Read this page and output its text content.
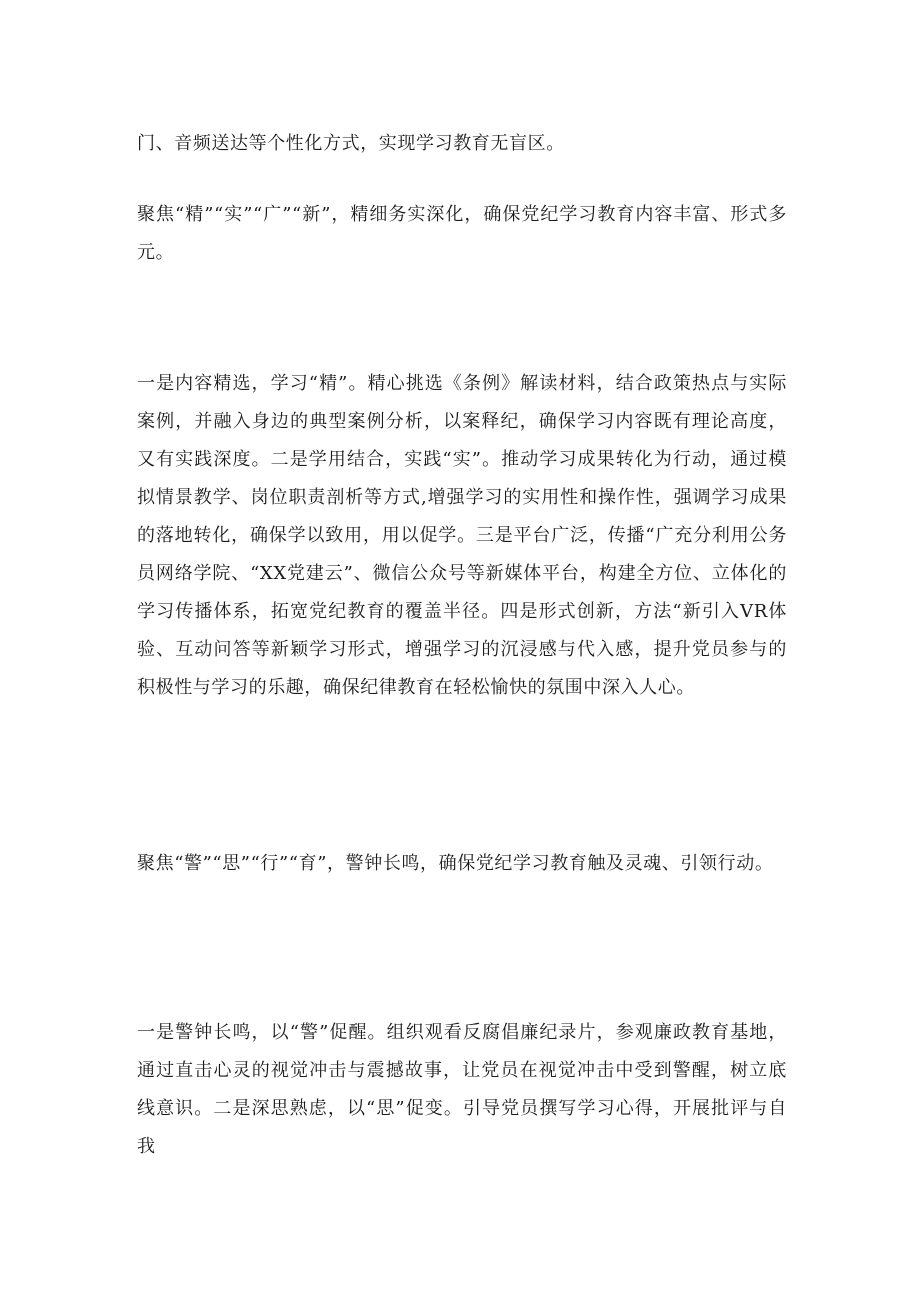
门、音频送达等个性化方式，实现学习教育无盲区。

聚焦“精”“实”“广”“新”，精细务实深化，确保党纪学习教育内容丰富、形式多元。

一是内容精选，学习“精”。精心挑选《条例》解读材料，结合政策热点与实际案例，并融入身边的典型案例分析，以案释纪，确保学习内容既有理论高度，又有实践深度。二是学用结合，实践“实”。推动学习成果转化为行动，通过模拟情景教学、岗位职责剖析等方式,增强学习的实用性和操作性，强调学习成果的落地转化，确保学以致用，用以促学。三是平台广泛，传播“广充分利用公务员网络学院、“XX党建云”、微信公众号等新媒体平台，构建全方位、立体化的学习传播体系，拓宽党纪教育的覆盖半径。四是形式创新，方法“新引入VR体验、互动问答等新颖学习形式，增强学习的沉浸感与代入感，提升党员参与的积极性与学习的乐趣，确保纪律教育在轻松愉快的氛围中深入人心。

聚焦“警”“思”“行”“育”，警钟长鸣，确保党纪学习教育触及灵魂、引领行动。

一是警钟长鸣，以“警”促醒。组织观看反腐倡廉纪录片，参观廉政教育基地，通过直击心灵的视觉冲击与震撼故事，让党员在视觉冲击中受到警醒，树立底线意识。二是深思熟虑，以“思”促变。引导党员撰写学习心得，开展批评与自我
